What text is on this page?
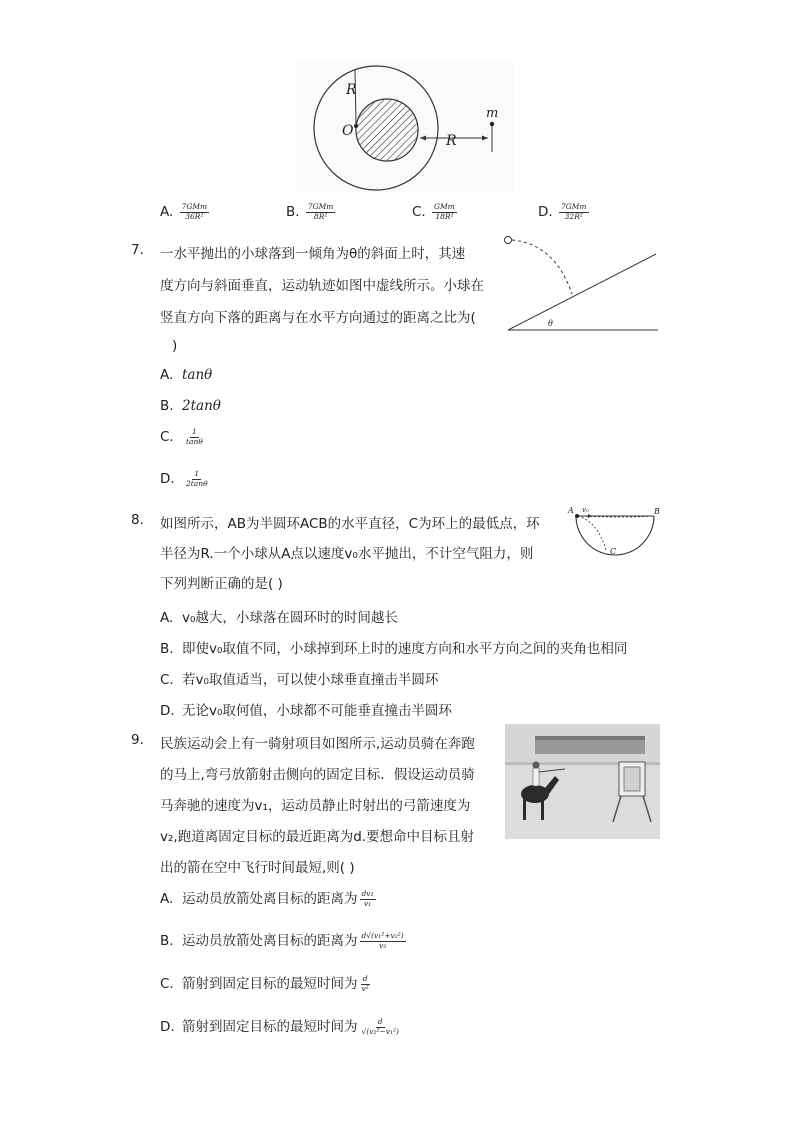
R
O
R
m
A. $\frac{\text{7GMm}}{\text{36R²}}$	B. $\frac{\text{7GMm}}{\text{8R²}}$	C. $\frac{\text{GMm}}{\text{18R²}}$	D. $\frac{\text{7GMm}}{\text{32R²}}$
7. 一水平抛出的小球落到一倾角为θ的斜面上时，其速
度方向与斜面垂直，运动轨迹如图中虚线所示。小球在
竖直方向下落的距离与在水平方向通过的距离之比为(
)
θ
A. tanθ
B. 2tanθ
C. $\frac{1}{\tan\theta}$
D. $\frac{1}{2\tan\theta}$
8. 如图所示，AB为半圆环ACB的水平直径，C为环上的最低点，环
半径为R.一个小球从A点以速度v₀水平抛出，不计空气阻力，则
下列判断正确的是( )
A v₀	B
C
A. v₀越大，小球落在圆环时的时间越长
B. 即使v₀取值不同，小球掉到环上时的速度方向和水平方向之间的夹角也相同
C. 若v₀取值适当，可以使小球垂直撞击半圆环
D. 无论v₀取何值，小球都不可能垂直撞击半圆环
9. 民族运动会上有一骑射项目如图所示,运动员骑在奔跑
的马上,弯弓放箭射击侧向的固定目标．假设运动员骑
马奔驰的速度为v₁，运动员静止时射出的弓箭速度为
v₂,跑道离固定目标的最近距离为d.要想命中目标且射
出的箭在空中飞行时间最短,则( )
A. 运动员放箭处离目标的距离为 $\frac{\text{dv₂}}{\text{v₁}}$
B. 运动员放箭处离目标的距离为 $\frac{\text{d√(v₁²+v₂²)}}{\text{v₂}}$
C. 箭射到固定目标的最短时间为 $\frac{d}{\text{v²}}$
D. 箭射到固定目标的最短时间为 $\frac{d}{\text{√(v₂²−v₁²)}}$
